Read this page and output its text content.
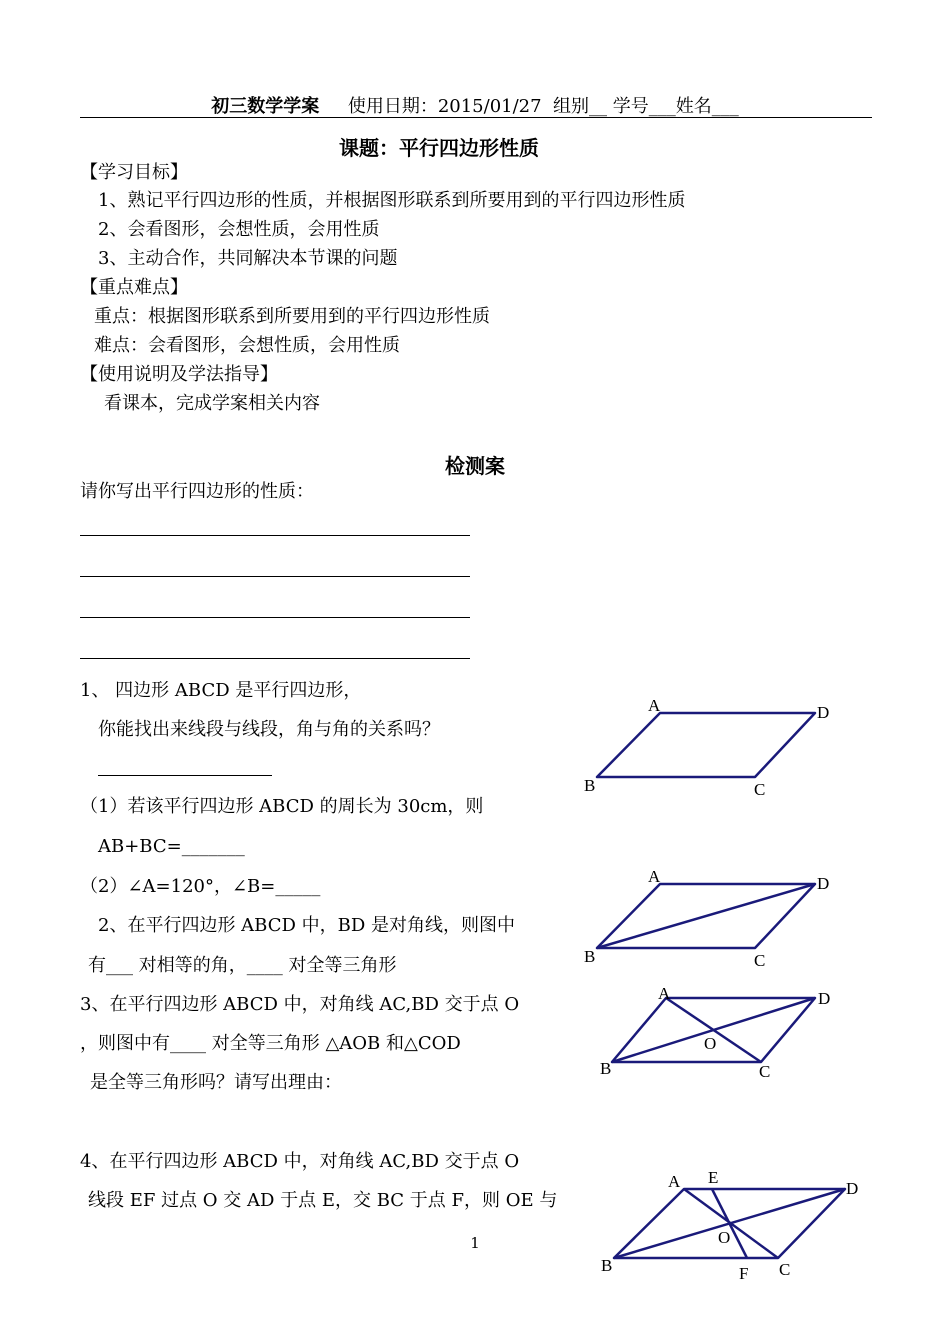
初三数学学案 使用日期：2015/01/27 组别__ 学号___姓名___
课题：平行四边形性质
【学习目标】
1、熟记平行四边形的性质，并根据图形联系到所要用到的平行四边形性质
2、会看图形，会想性质，会用性质
3、主动合作，共同解决本节课的问题
【重点难点】
重点：根据图形联系到所要用到的平行四边形性质
难点：会看图形，会想性质，会用性质
【使用说明及学法指导】
看课本，完成学案相关内容
检测案
请你写出平行四边形的性质：
1、 四边形 ABCD 是平行四边形，
你能找出来线段与线段，角与角的关系吗？
（1）若该平行四边形 ABCD 的周长为 30cm，则
AB+BC=_______
（2）∠A=120°，∠B=_____
2、在平行四边形 ABCD 中，BD 是对角线，则图中
有___ 对相等的角，____ 对全等三角形
3、在平行四边形 ABCD 中，对角线 AC,BD 交于点 O
，则图中有____ 对全等三角形 △AOB 和△COD
是全等三角形吗？请写出理由：
4、在平行四边形 ABCD 中，对角线 AC,BD 交于点 O
线段 EF 过点 O 交 AD 于点 E，交 BC 于点 F，则 OE 与
A	D
B	C
A	D
B	C
A	D
B	C
O
A E
D
B	F C
O
1
